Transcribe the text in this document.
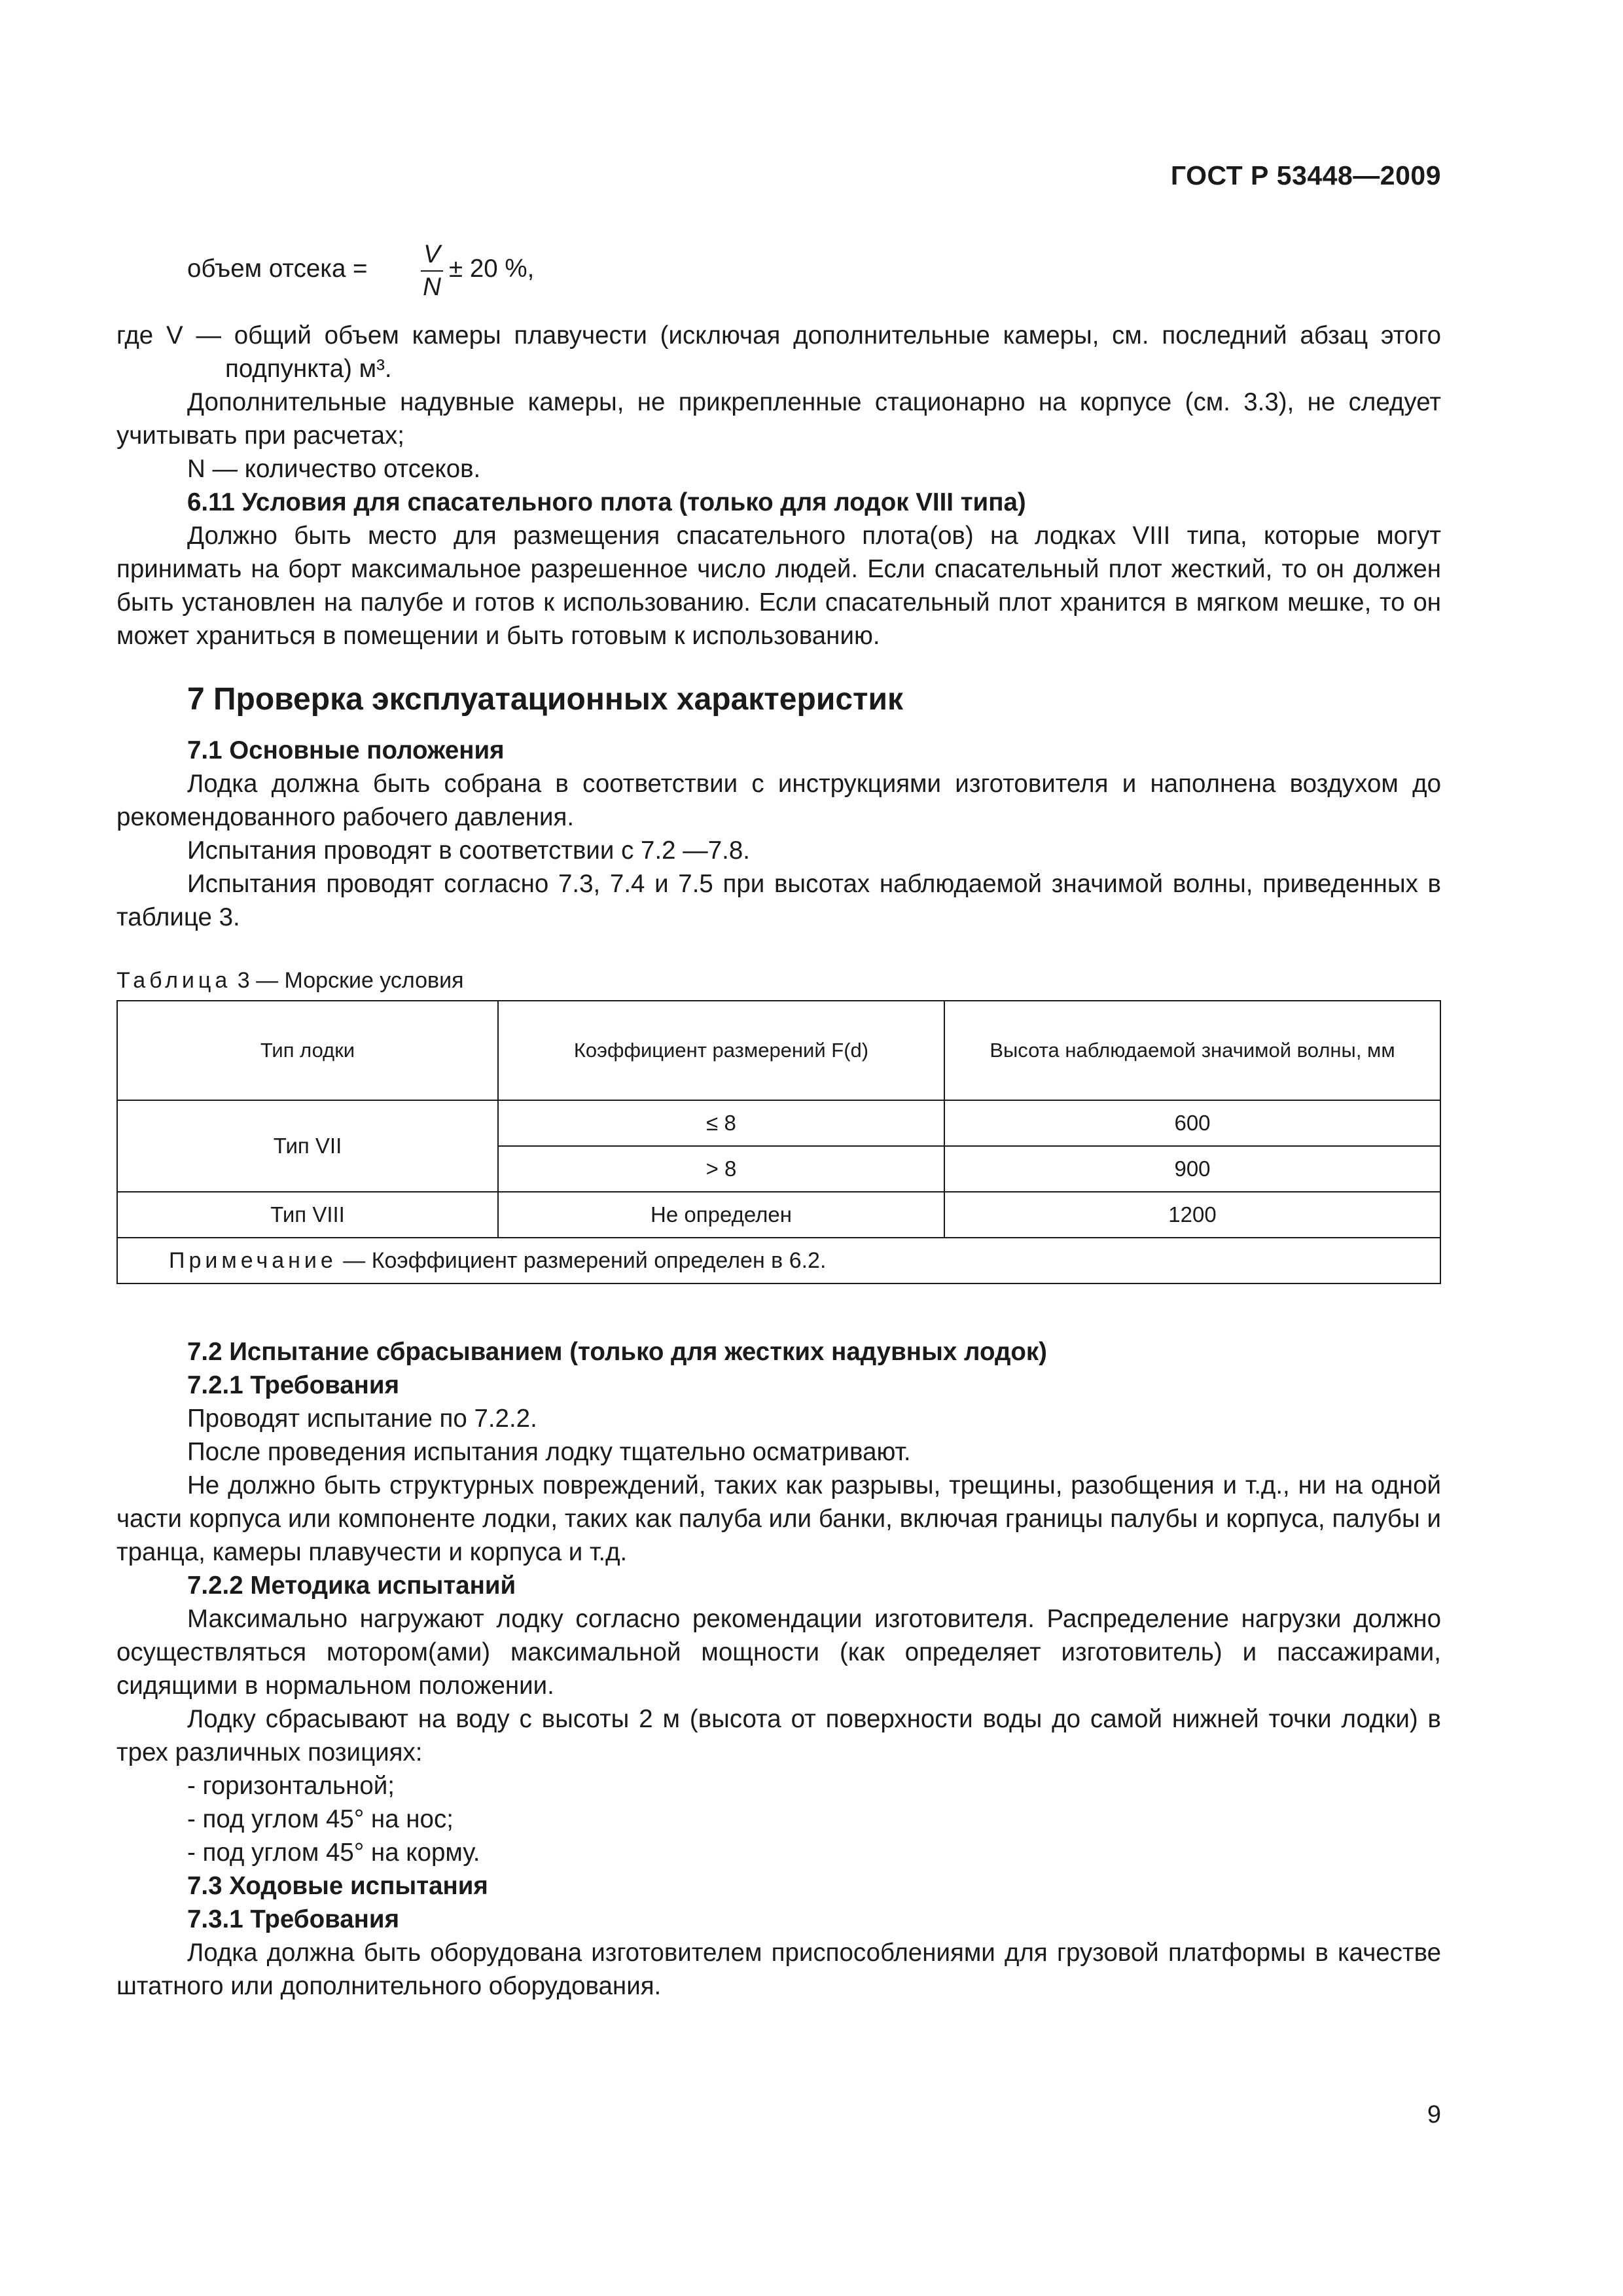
ГОСТ Р 53448—2009
объем отсека =
V
N
± 20 %,

где V — общий объем камеры плавучести (исключая дополнительные камеры, см. последний абзац этого подпункта) м³.

Дополнительные надувные камеры, не прикрепленные стационарно на корпусе (см. 3.3), не следует учитывать при расчетах;

N — количество отсеков.

6.11 Условия для спасательного плота (только для лодок VIII типа)

Должно быть место для размещения спасательного плота(ов) на лодках VIII типа, которые могут принимать на борт максимальное разрешенное число людей. Если спасательный плот жесткий, то он должен быть установлен на палубе и готов к использованию. Если спасательный плот хранится в мягком мешке, то он может храниться в помещении и быть готовым к использованию.

7 Проверка эксплуатационных характеристик

7.1 Основные положения

Лодка должна быть собрана в соответствии с инструкциями изготовителя и наполнена воздухом до рекомендованного рабочего давления.

Испытания проводят в соответствии с 7.2 —7.8.

Испытания проводят согласно 7.3, 7.4 и 7.5 при высотах наблюдаемой значимой волны, приведенных в таблице 3.

Таблица 3 — Морские условия
Тип лодки	Коэффициент размерений F(d)	Высота наблюдаемой значимой волны, мм
Тип VII	≤ 8	600
	> 8	900
Тип VIII	Не определен	1200
Примечание — Коэффициент размерений определен в 6.2.		

7.2 Испытание сбрасыванием (только для жестких надувных лодок)

7.2.1 Требования

Проводят испытание по 7.2.2.

После проведения испытания лодку тщательно осматривают.

Не должно быть структурных повреждений, таких как разрывы, трещины, разобщения и т.д., ни на одной части корпуса или компоненте лодки, таких как палуба или банки, включая границы палубы и корпуса, палубы и транца, камеры плавучести и корпуса и т.д.

7.2.2 Методика испытаний

Максимально нагружают лодку согласно рекомендации изготовителя. Распределение нагрузки должно осуществляться мотором(ами) максимальной мощности (как определяет изготовитель) и пассажирами, сидящими в нормальном положении.

Лодку сбрасывают на воду с высоты 2 м (высота от поверхности воды до самой нижней точки лодки) в трех различных позициях:

- горизонтальной;

- под углом 45° на нос;

- под углом 45° на корму.

7.3 Ходовые испытания

7.3.1 Требования

Лодка должна быть оборудована изготовителем приспособлениями для грузовой платформы в качестве штатного или дополнительного оборудования.

9
